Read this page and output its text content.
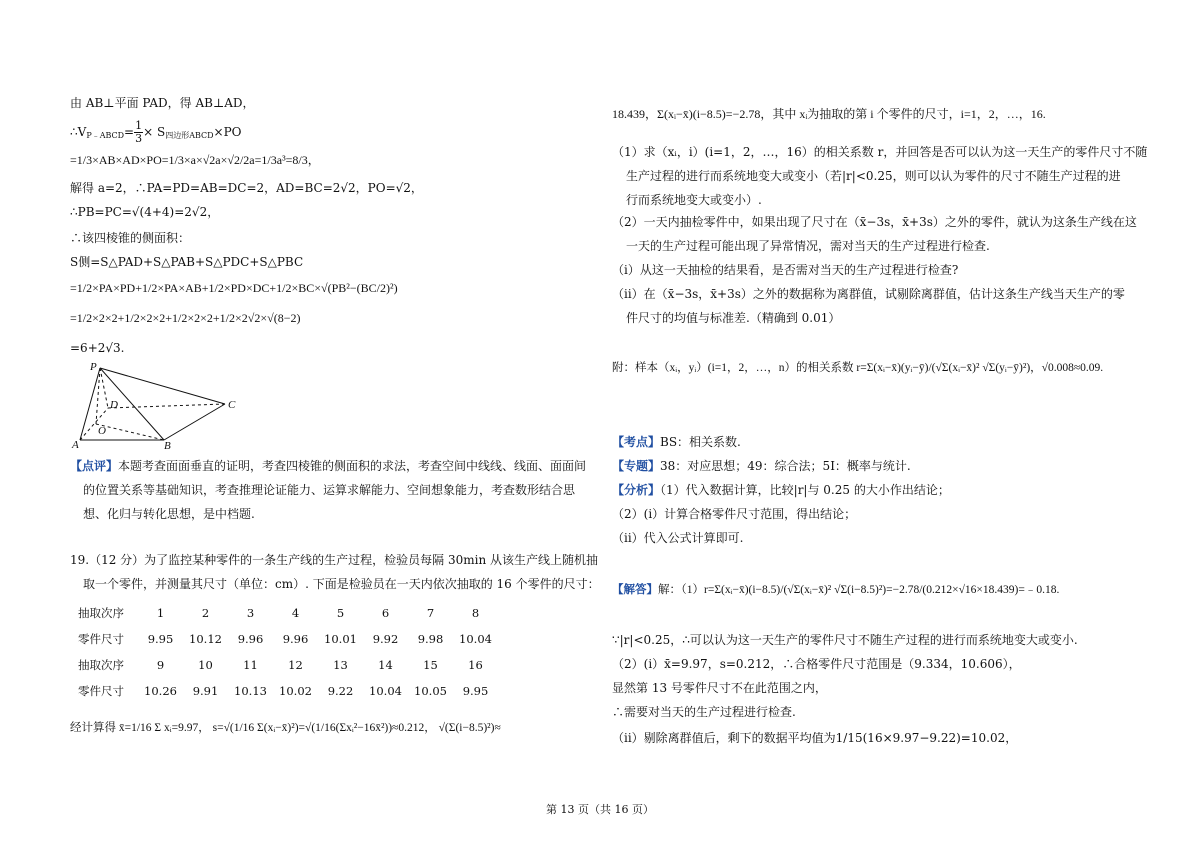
由 AB⊥平面 PAD，得 AB⊥AD，
$\therefore V_{P﹣ABCD}= \frac{1}{3} \times S_{四边形ABCD}\times PO$
=1/3×AB×AD×PO=1/3×a×√2a×√2/2a=1/3a³=8/3，
解得 a=2，∴PA=PD=AB=DC=2，AD=BC=2√2，PO=√2，
∴PB=PC=√(4+4)=2√2，
∴该四棱锥的侧面积：
S侧=S△PAD+S△PAB+S△PDC+S△PBC
=1/2×PA×PD+1/2×PA×AB+1/2×PD×DC+1/2×BC×√(PB²−(BC/2)²)
=1/2×2×2+1/2×2×2+1/2×2×2+1/2×2√2×√(8−2)
=6+2√3.
P
D	C
O
A	B
【点评】本题考查面面垂直的证明，考查四棱锥的侧面积的求法，考查空间中线线、线面、面面间
的位置关系等基础知识，考查推理论证能力、运算求解能力、空间想象能力，考查数形结合思
想、化归与转化思想，是中档题.
19.（12 分）为了监控某种零件的一条生产线的生产过程，检验员每隔 30min 从该生产线上随机抽
取一个零件，并测量其尺寸（单位：cm）. 下面是检验员在一天内依次抽取的 16 个零件的尺寸：
经计算得 x̄=1/16 Σ xᵢ=9.97， s=√(1/16 Σ(xᵢ−x̄)²)=√(1/16(Σxᵢ²−16x̄²))≈0.212， √(Σ(i−8.5)²)≈
抽取次序	1	2	3	4	5	6	7	8
零件尺寸	9.95	10.12	9.96	9.96	10.01	9.92	9.98	10.04
抽取次序	9	10	11	12	13	14	15	16
零件尺寸	10.26	9.91	10.13	10.02	9.22	10.04	10.05	9.95
18.439，Σ(xᵢ−x̄)(i−8.5)=−2.78，其中 xᵢ为抽取的第 i 个零件的尺寸，i=1，2，…，16.
（1）求（xᵢ，i）(i=1，2，…，16）的相关系数 r，并回答是否可以认为这一天生产的零件尺寸不随
生产过程的进行而系统地变大或变小（若|r|<0.25，则可以认为零件的尺寸不随生产过程的进
行而系统地变大或变小）.
（2）一天内抽检零件中，如果出现了尺寸在（x̄−3s，x̄+3s）之外的零件，就认为这条生产线在这
一天的生产过程可能出现了异常情况，需对当天的生产过程进行检查.
（ⅰ）从这一天抽检的结果看，是否需对当天的生产过程进行检查?
（ⅱ）在（x̄−3s，x̄+3s）之外的数据称为离群值，试剔除离群值，估计这条生产线当天生产的零
件尺寸的均值与标准差.（精确到 0.01）
附：样本（xᵢ，yᵢ）(i=1，2，…，n）的相关系数 r=Σ(xᵢ−x̄)(yᵢ−ȳ)/(√Σ(xᵢ−x̄)² √Σ(yᵢ−ȳ)²)，√0.008≈0.09.
【考点】BS：相关系数.
【专题】38：对应思想；49：综合法；5I：概率与统计.
【分析】（1）代入数据计算，比较|r|与 0.25 的大小作出结论；
（2）(i）计算合格零件尺寸范围，得出结论；
（ii）代入公式计算即可.
【解答】解：（1）r=Σ(xᵢ−x̄)(i−8.5)/(√Σ(xᵢ−x̄)² √Σ(i−8.5)²)=−2.78/(0.212×√16×18.439)=﹣0.18.
∵|r|<0.25，∴可以认为这一天生产的零件尺寸不随生产过程的进行而系统地变大或变小.
（2）(i）x̄=9.97，s=0.212，∴合格零件尺寸范围是（9.334，10.606），
显然第 13 号零件尺寸不在此范围之内，
∴需要对当天的生产过程进行检查.
（ii）剔除离群值后，剩下的数据平均值为1/15(16×9.97−9.22)=10.02，
第 13 页（共 16 页）
